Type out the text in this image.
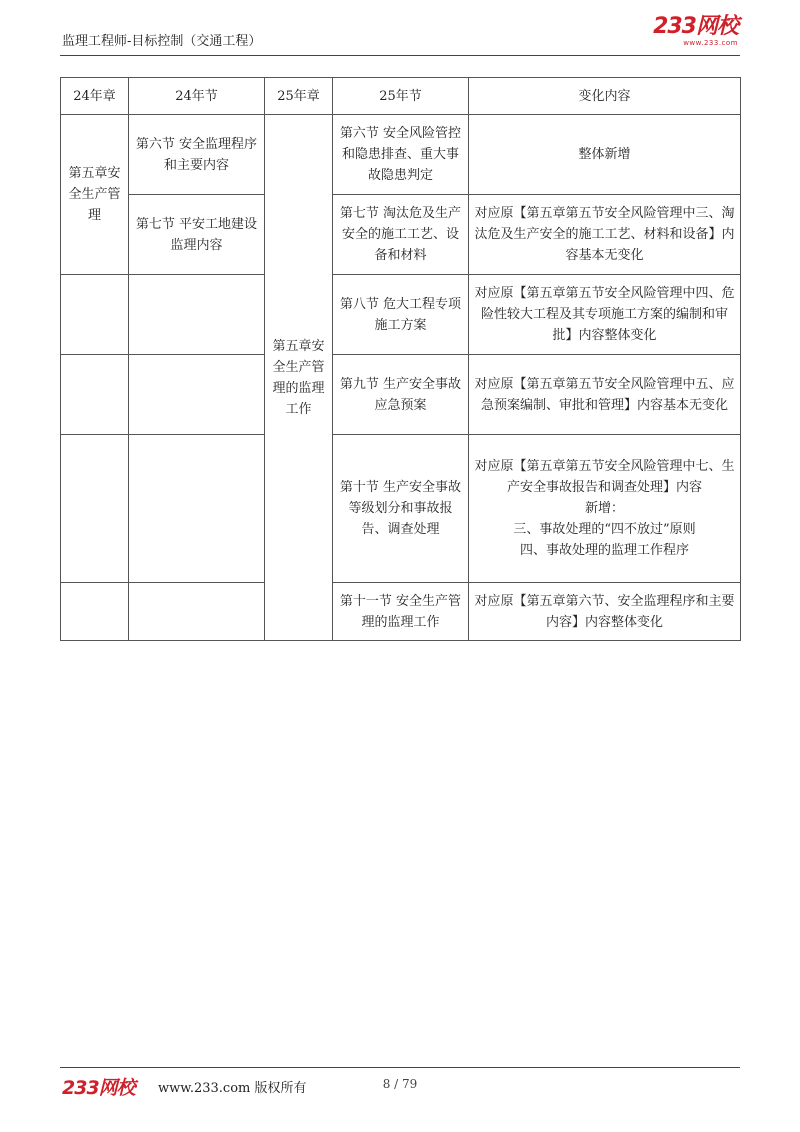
监理工程师-目标控制（交通工程）
233网校
www.233.com
24年章	24年节	25年章	25年节	变化内容
第五章安全生产管理	第六节 安全监理程序和主要内容	第五章安全生产管理的监理工作	第六节 安全风险管控和隐患排查、重大事故隐患判定	整体新增
	第七节 平安工地建设监理内容		第七节 淘汰危及生产安全的施工工艺、设备和材料	对应原【第五章第五节安全风险管理中三、淘汰危及生产安全的施工工艺、材料和设备】内容基本无变化
			第八节 危大工程专项施工方案	对应原【第五章第五节安全风险管理中四、危险性较大工程及其专项施工方案的编制和审批】内容整体变化
			第九节 生产安全事故应急预案	对应原【第五章第五节安全风险管理中五、应急预案编制、审批和管理】内容基本无变化
			第十节 生产安全事故等级划分和事故报告、调查处理	对应原【第五章第五节安全风险管理中七、生产安全事故报告和调查处理】内容
新增：
三、事故处理的“四不放过”原则
四、事故处理的监理工作程序

			第十一节 安全生产管理的监理工作	对应原【第五章第六节、安全监理程序和主要内容】内容整体变化
233网校 www.233.com 版权所有	8 / 79
